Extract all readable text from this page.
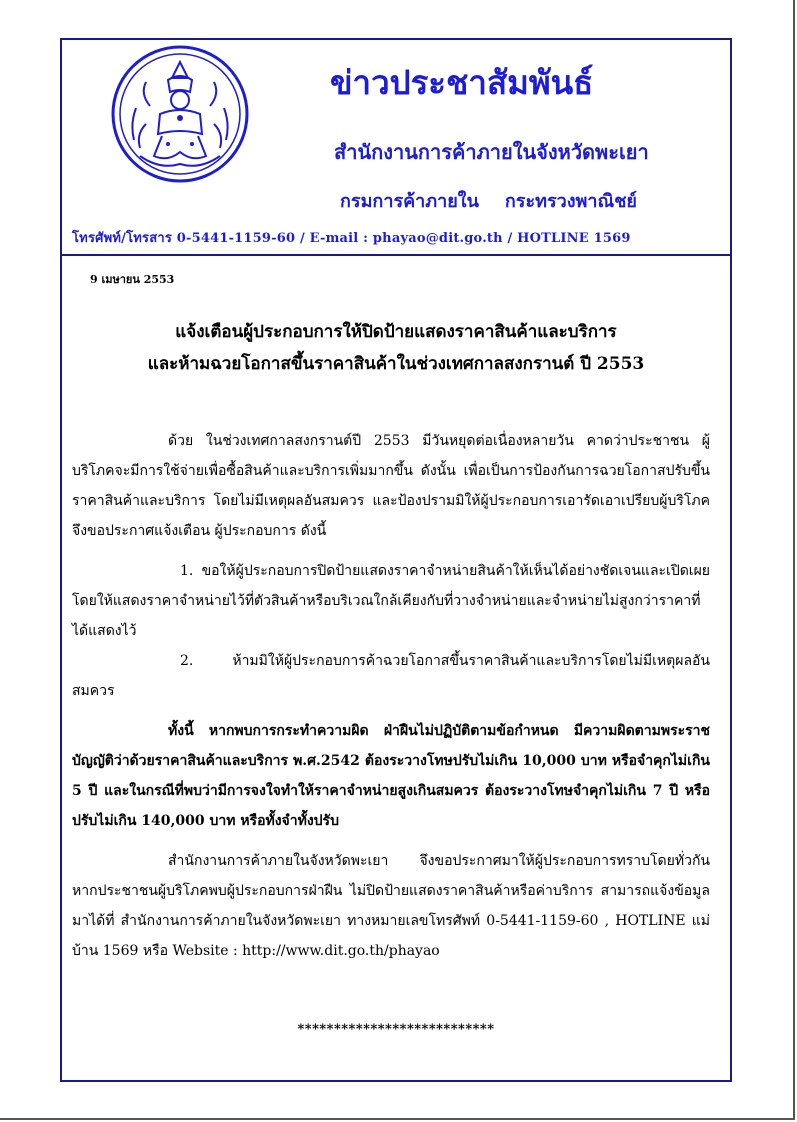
ข่าวประชาสัมพันธ์
สำนักงานการค้าภายในจังหวัดพะเยา
กรมการค้าภายใน กระทรวงพาณิชย์
โทรศัพท์/โทรสาร 0-5441-1159-60 / E-mail : phayao@dit.go.th / HOTLINE 1569
9 เมษายน 2553
แจ้งเตือนผู้ประกอบการให้ปิดป้ายแสดงราคาสินค้าและบริการ
และห้ามฉวยโอกาสขึ้นราคาสินค้าในช่วงเทศกาลสงกรานต์ ปี 2553

ด้วย ในช่วงเทศกาลสงกรานต์ปี 2553 มีวันหยุดต่อเนื่องหลายวัน คาดว่าประชาชน ผู้บริโภคจะมีการใช้จ่ายเพื่อซื้อสินค้าและบริการเพิ่มมากขึ้น ดังนั้น เพื่อเป็นการป้องกันการฉวยโอกาสปรับขึ้นราคาสินค้าและบริการ โดยไม่มีเหตุผลอันสมควร และป้องปรามมิให้ผู้ประกอบการเอารัดเอาเปรียบผู้บริโภค จึงขอประกาศแจ้งเตือน ผู้ประกอบการ ดังนี้

1. ขอให้ผู้ประกอบการปิดป้ายแสดงราคาจำหน่ายสินค้าให้เห็นได้อย่างชัดเจนและเปิดเผยโดยให้แสดงราคาจำหน่ายไว้ที่ตัวสินค้าหรือบริเวณใกล้เคียงกับที่วางจำหน่ายและจำหน่ายไม่สูงกว่าราคาที่ได้แสดงไว้

2. ห้ามมิให้ผู้ประกอบการค้าฉวยโอกาสขึ้นราคาสินค้าและบริการโดยไม่มีเหตุผลอันสมควร

ทั้งนี้ หากพบการกระทำความผิด ฝ่าฝืนไม่ปฏิบัติตามข้อกำหนด มีความผิดตามพระราชบัญญัติว่าด้วยราคาสินค้าและบริการ พ.ศ.2542 ต้องระวางโทษปรับไม่เกิน 10,000 บาท หรือจำคุกไม่เกิน 5 ปี และในกรณีที่พบว่ามีการจงใจทำให้ราคาจำหน่ายสูงเกินสมควร ต้องระวางโทษจำคุกไม่เกิน 7 ปี หรือ ปรับไม่เกิน 140,000 บาท หรือทั้งจำทั้งปรับ

สำนักงานการค้าภายในจังหวัดพะเยา จึงขอประกาศมาให้ผู้ประกอบการทราบโดยทั่วกัน หากประชาชนผู้บริโภคพบผู้ประกอบการฝ่าฝืน ไม่ปิดป้ายแสดงราคาสินค้าหรือค่าบริการ สามารถแจ้งข้อมูลมาได้ที่ สำนักงานการค้าภายในจังหวัดพะเยา ทางหมายเลขโทรศัพท์ 0-5441-1159-60 , HOTLINE แม่บ้าน 1569 หรือ Website : http://www.dit.go.th/phayao

***************************
